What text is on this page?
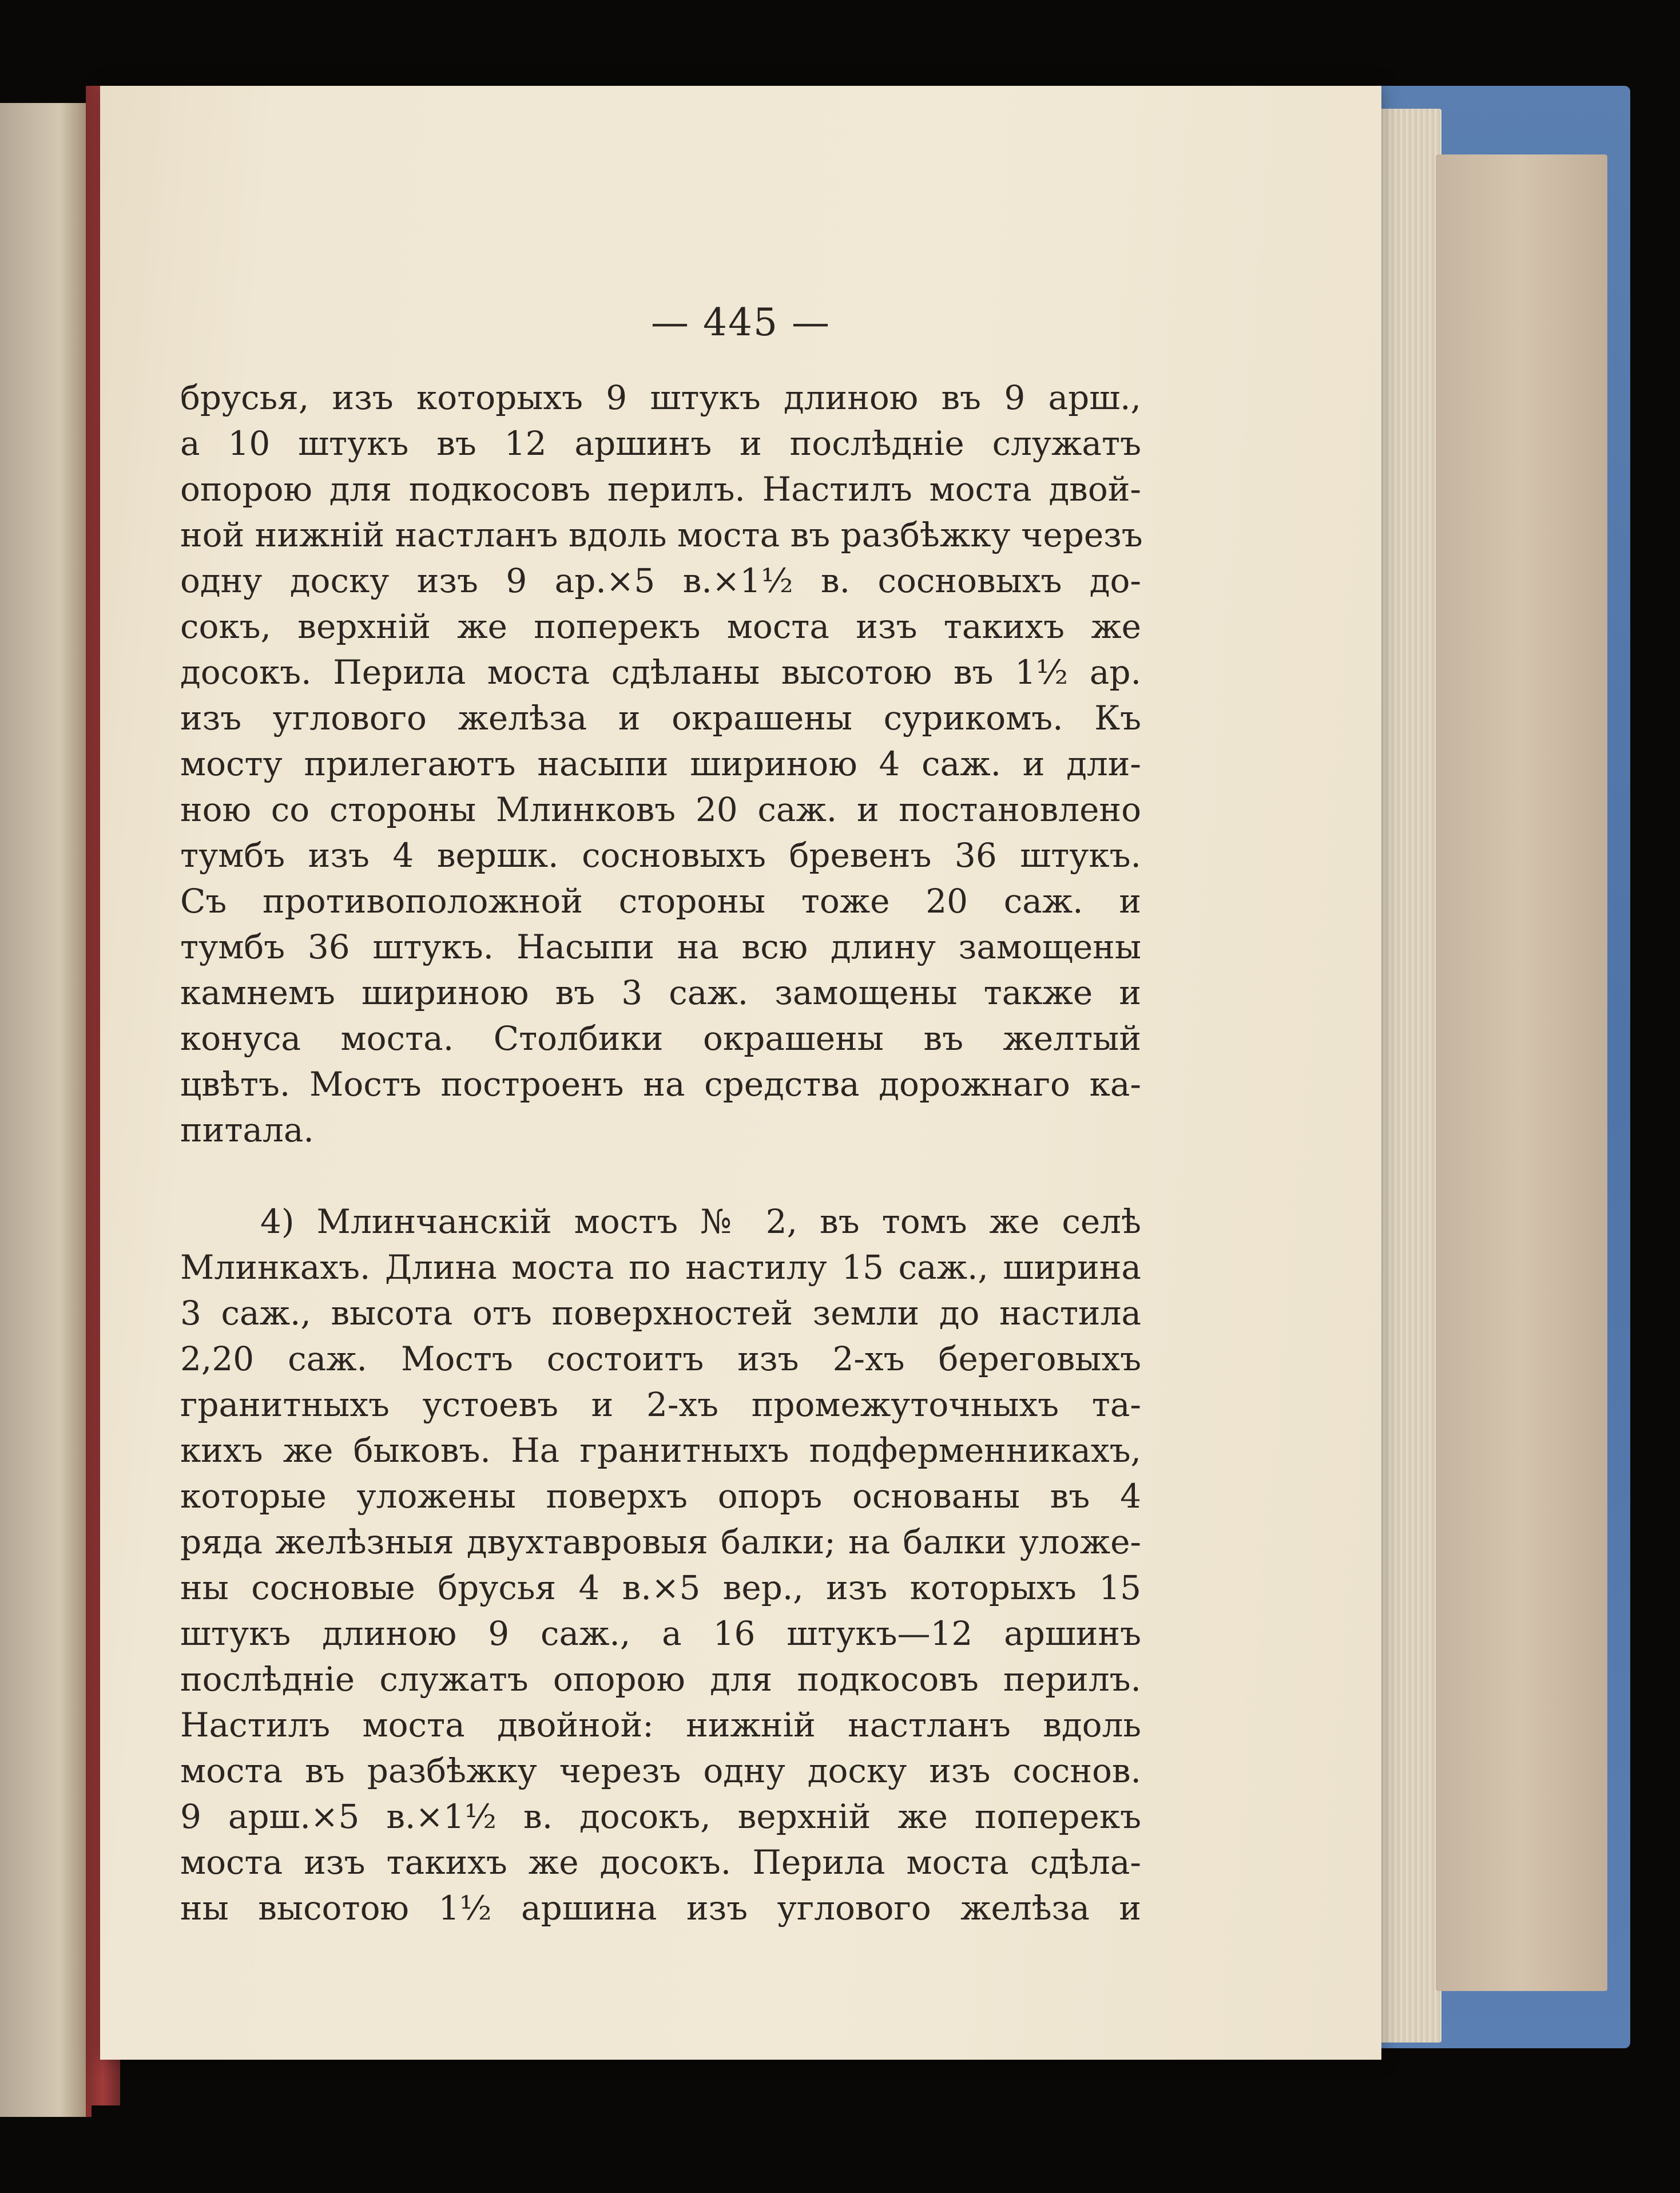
— 445 —
брусья, изъ которыхъ 9 штукъ длиною въ 9 арш.,
а 10 штукъ въ 12 аршинъ и послѣдніе служатъ
опорою для подкосовъ перилъ. Настилъ моста двой-
ной нижній настланъ вдоль моста въ разбѣжку черезъ
одну доску изъ 9 ар.×5 в.×1½ в. сосновыхъ до-
сокъ, верхній же поперекъ моста изъ такихъ же
досокъ. Перила моста сдѣланы высотою въ 1½ ар.
изъ углового желѣза и окрашены сурикомъ. Къ
мосту прилегаютъ насыпи шириною 4 саж. и дли-
ною со стороны Млинковъ 20 саж. и постановлено
тумбъ изъ 4 вершк. сосновыхъ бревенъ 36 штукъ.
Съ противоположной стороны тоже 20 саж. и
тумбъ 36 штукъ. Насыпи на всю длину замощены
камнемъ шириною въ 3 саж. замощены также и
конуса моста. Столбики окрашены въ желтый
цвѣтъ. Мостъ построенъ на средства дорожнаго ка-
питала.
4) Млинчанскій мостъ № 2, въ томъ же селѣ
Млинкахъ. Длина моста по настилу 15 саж., ширина
3 саж., высота отъ поверхностей земли до настила
2,20 саж. Мостъ состоитъ изъ 2-хъ береговыхъ
гранитныхъ устоевъ и 2-хъ промежуточныхъ та-
кихъ же быковъ. На гранитныхъ подферменникахъ,
которые уложены поверхъ опоръ основаны въ 4
ряда желѣзныя двухтавровыя балки; на балки уложе-
ны сосновые брусья 4 в.×5 вер., изъ которыхъ 15
штукъ длиною 9 саж., а 16 штукъ—12 аршинъ
послѣдніе служатъ опорою для подкосовъ перилъ.
Настилъ моста двойной: нижній настланъ вдоль
моста въ разбѣжку черезъ одну доску изъ соснов.
9 арш.×5 в.×1½ в. досокъ, верхній же поперекъ
моста изъ такихъ же досокъ. Перила моста сдѣла-
ны высотою 1½ аршина изъ углового желѣза и
